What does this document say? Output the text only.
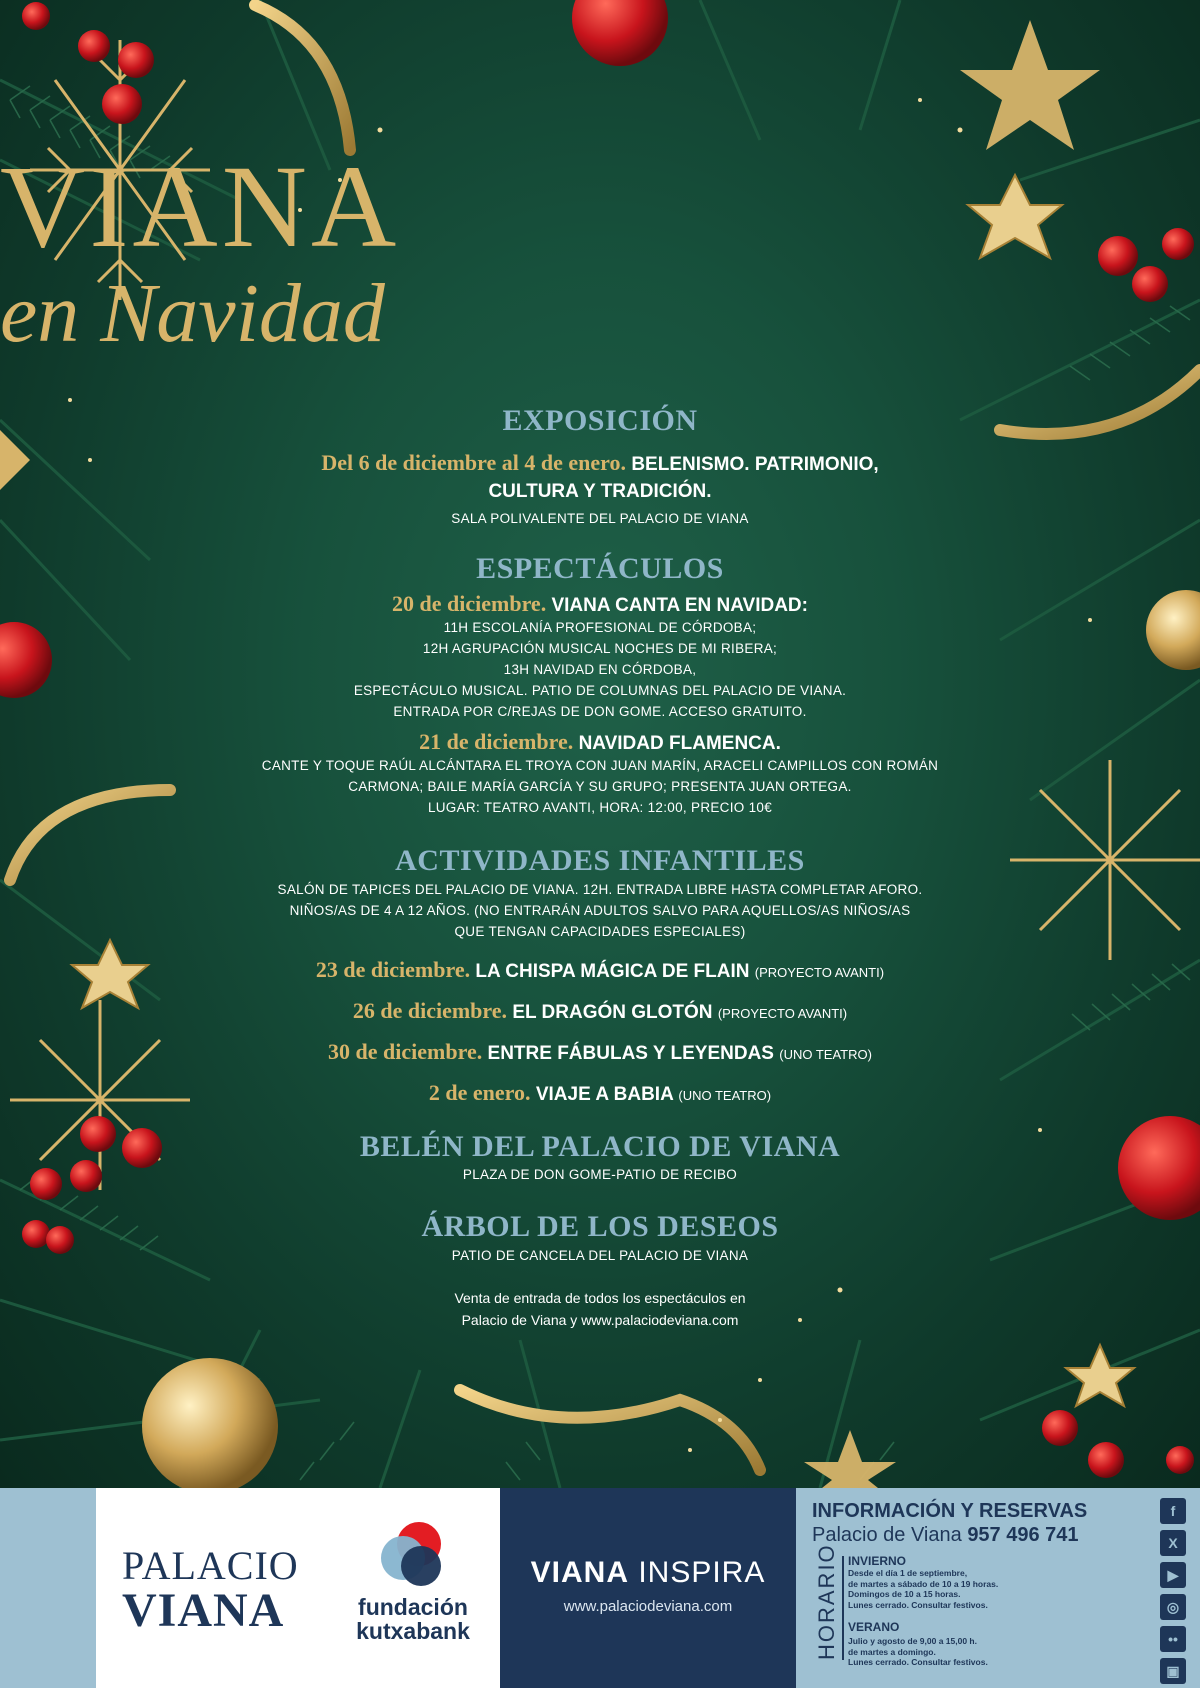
VIANA
en Navidad
EXPOSICIÓN
Del 6 de diciembre al 4 de enero. BELENISMO. PATRIMONIO,
CULTURA Y TRADICIÓN.
SALA POLIVALENTE DEL PALACIO DE VIANA
ESPECTÁCULOS
20 de diciembre. VIANA CANTA EN NAVIDAD:
11H ESCOLANÍA PROFESIONAL DE CÓRDOBA;
12H AGRUPACIÓN MUSICAL NOCHES DE MI RIBERA;
13H NAVIDAD EN CÓRDOBA,
ESPECTÁCULO MUSICAL. PATIO DE COLUMNAS DEL PALACIO DE VIANA.
ENTRADA POR C/REJAS DE DON GOME. ACCESO GRATUITO.
21 de diciembre. NAVIDAD FLAMENCA.
CANTE Y TOQUE RAÚL ALCÁNTARA EL TROYA CON JUAN MARÍN, ARACELI CAMPILLOS CON ROMÁN
CARMONA; BAILE MARÍA GARCÍA Y SU GRUPO; PRESENTA JUAN ORTEGA.
LUGAR: TEATRO AVANTI, HORA: 12:00, PRECIO 10€
ACTIVIDADES INFANTILES
SALÓN DE TAPICES DEL PALACIO DE VIANA. 12H. ENTRADA LIBRE HASTA COMPLETAR AFORO.
NIÑOS/AS DE 4 A 12 AÑOS. (NO ENTRARÁN ADULTOS SALVO PARA AQUELLOS/AS NIÑOS/AS
QUE TENGAN CAPACIDADES ESPECIALES)
23 de diciembre. LA CHISPA MÁGICA DE FLAIN (PROYECTO AVANTI)
26 de diciembre. EL DRAGÓN GLOTÓN (PROYECTO AVANTI)
30 de diciembre. ENTRE FÁBULAS Y LEYENDAS (UNO TEATRO)
2 de enero. VIAJE A BABIA (UNO TEATRO)
BELÉN DEL PALACIO DE VIANA
PLAZA DE DON GOME-PATIO DE RECIBO
ÁRBOL DE LOS DESEOS
PATIO DE CANCELA DEL PALACIO DE VIANA
Venta de entrada de todos los espectáculos en
Palacio de Viana y www.palaciodeviana.com
PALACIO
VIANA	fundación
kutxabank
VIANA INSPIRA
www.palaciodeviana.com
INFORMACIÓN Y RESERVAS
Palacio de Viana 957 496 741
HORARIO INVIERNO
Desde el día 1 de septiembre,
de martes a sábado de 10 a 19 horas.
Domingos de 10 a 15 horas.
Lunes cerrado. Consultar festivos.
VERANO
Julio y agosto de 9,00 a 15,00 h.
de martes a domingo.
Lunes cerrado. Consultar festivos.
f
X
▶
◎
••
▣
